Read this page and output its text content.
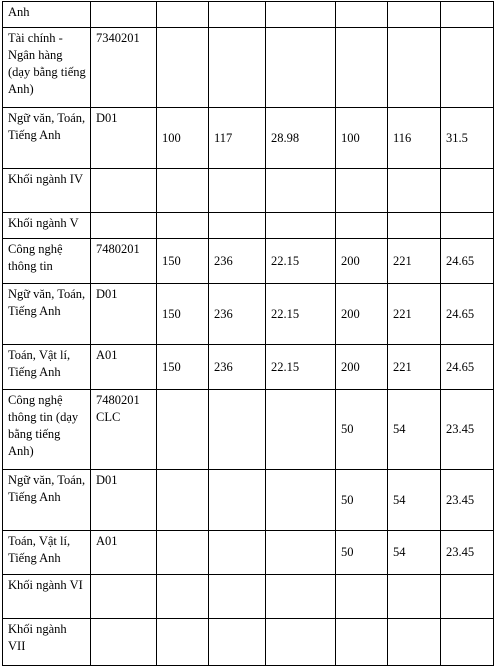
Anh							
Tài chính - Ngân hàng (dạy bằng tiếng Anh)	7340201						
Ngữ văn, Toán, Tiếng Anh	D01	100	117	28.98	100	116	31.5
Khối ngành IV							
Khối ngành V							
Công nghệ thông tin	7480201	150	236	22.15	200	221	24.65
Ngữ văn, Toán, Tiếng Anh	D01	150	236	22.15	200	221	24.65
Toán, Vật lí, Tiếng Anh	A01	150	236	22.15	200	221	24.65
Công nghệ thông tin (dạy bằng tiếng Anh)	7480201 CLC				50	54	23.45
Ngữ văn, Toán, Tiếng Anh	D01				50	54	23.45
Toán, Vật lí, Tiếng Anh	A01				50	54	23.45
Khối ngành VI							
Khối ngành VII							
